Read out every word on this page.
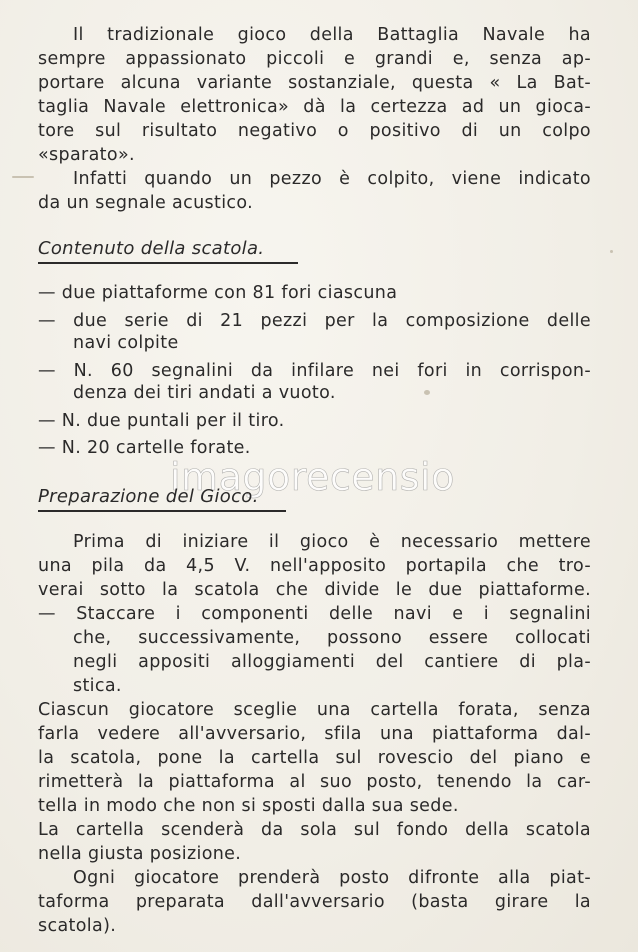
Il tradizionale gioco della Battaglia Navale ha
sempre appassionato piccoli e grandi e, senza ap-
portare alcuna variante sostanziale, questa « La Bat-
taglia Navale elettronica» dà la certezza ad un gioca-
tore sul risultato negativo o positivo di un colpo
«sparato».
Infatti quando un pezzo è colpito, viene indicato
da un segnale acustico.
Contenuto della scatola.
— due piattaforme con 81 fori ciascuna
— due serie di 21 pezzi per la composizione delle
navi colpite
— N. 60 segnalini da infilare nei fori in corrispon-
denza dei tiri andati a vuoto.
— N. due puntali per il tiro.
— N. 20 cartelle forate.
imagorecensio
Preparazione del Gioco.
Prima di iniziare il gioco è necessario mettere
una pila da 4,5 V. nell'apposito portapila che tro-
verai sotto la scatola che divide le due piattaforme.
— Staccare i componenti delle navi e i segnalini
che, successivamente, possono essere collocati
negli appositi alloggiamenti del cantiere di pla-
stica.
Ciascun giocatore sceglie una cartella forata, senza
farla vedere all'avversario, sfila una piattaforma dal-
la scatola, pone la cartella sul rovescio del piano e
rimetterà la piattaforma al suo posto, tenendo la car-
tella in modo che non si sposti dalla sua sede.
La cartella scenderà da sola sul fondo della scatola
nella giusta posizione.
Ogni giocatore prenderà posto difronte alla piat-
taforma preparata dall'avversario (basta girare la
scatola).
